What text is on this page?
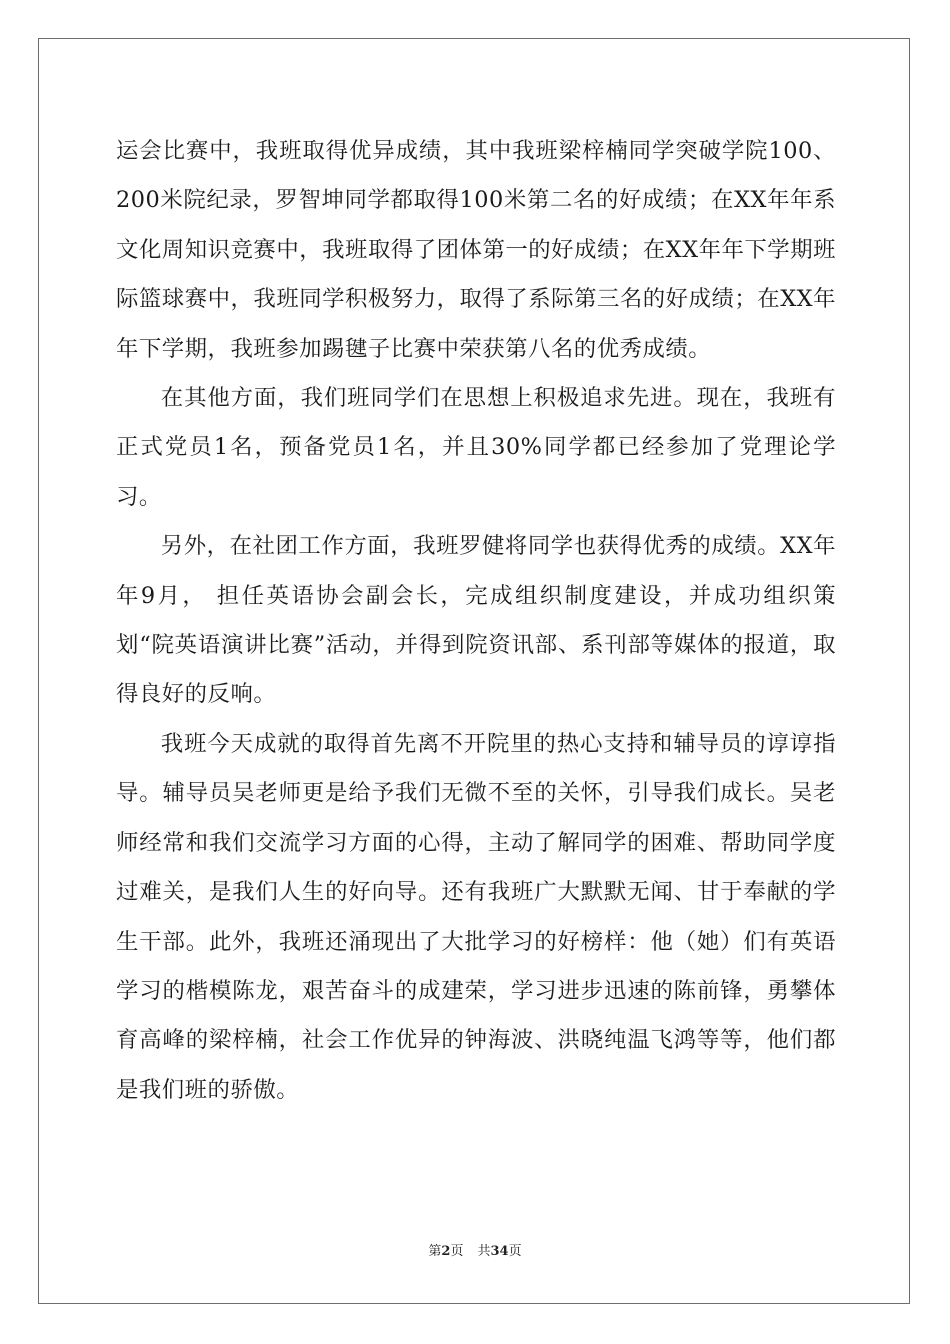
运会比赛中，我班取得优异成绩，其中我班梁梓楠同学突破学院100、200米院纪录，罗智坤同学都取得100米第二名的好成绩；在XX年年系文化周知识竞赛中，我班取得了团体第一的好成绩；在XX年年下学期班际篮球赛中，我班同学积极努力，取得了系际第三名的好成绩；在XX年年下学期，我班参加踢毽子比赛中荣获第八名的优秀成绩。

在其他方面，我们班同学们在思想上积极追求先进。现在，我班有正式党员1名，预备党员1名，并且30%同学都已经参加了党理论学习。

另外，在社团工作方面，我班罗健将同学也获得优秀的成绩。XX年年9月， 担任英语协会副会长，完成组织制度建设，并成功组织策划“院英语演讲比赛”活动，并得到院资讯部、系刊部等媒体的报道，取得良好的反响。

我班今天成就的取得首先离不开院里的热心支持和辅导员的谆谆指导。辅导员吴老师更是给予我们无微不至的关怀，引导我们成长。吴老师经常和我们交流学习方面的心得，主动了解同学的困难、帮助同学度过难关，是我们人生的好向导。还有我班广大默默无闻、甘于奉献的学生干部。此外，我班还涌现出了大批学习的好榜样：他（她）们有英语学习的楷模陈龙，艰苦奋斗的成建荣，学习进步迅速的陈前锋，勇攀体育高峰的梁梓楠，社会工作优异的钟海波、洪晓纯温飞鸿等等，他们都是我们班的骄傲。

第2页 共34页
